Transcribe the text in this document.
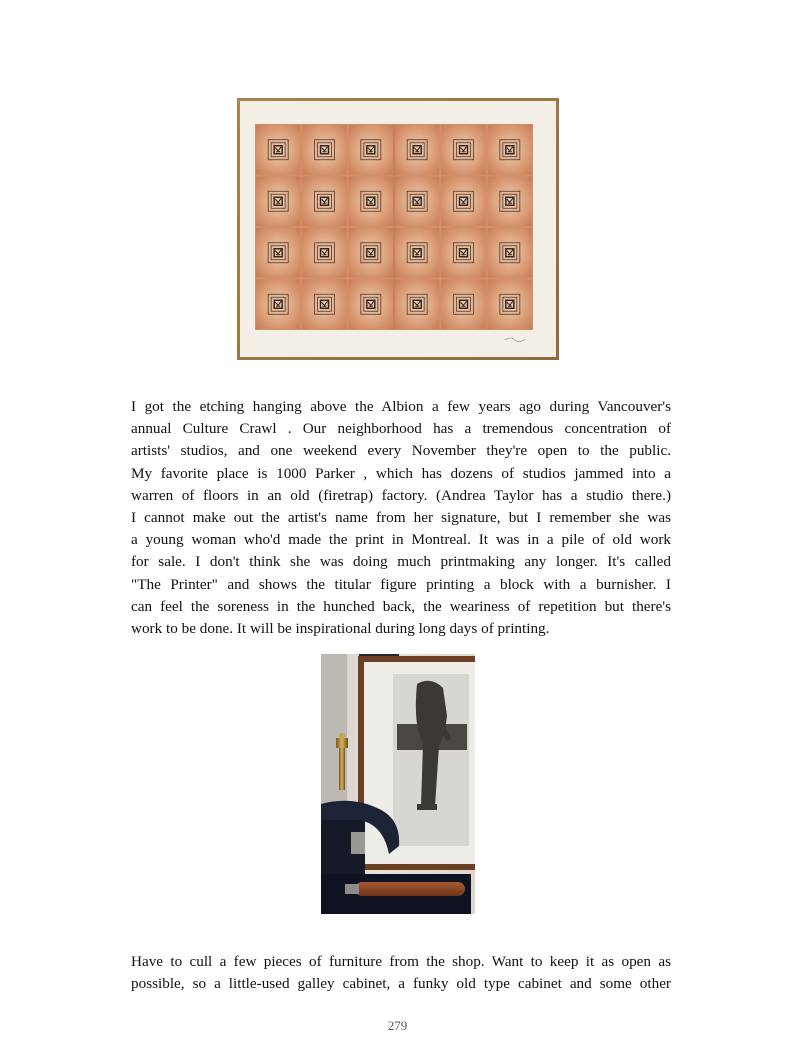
I got the etching hanging above the Albion a few years ago during Vancouver's
annual Culture Crawl . Our neighborhood has a tremendous concentration of
artists' studios, and one weekend every November they're open to the public.
My favorite place is 1000 Parker , which has dozens of studios jammed into a
warren of floors in an old (firetrap) factory. (Andrea Taylor has a studio there.)
I cannot make out the artist's name from her signature, but I remember she was
a young woman who'd made the print in Montreal. It was in a pile of old work
for sale. I don't think she was doing much printmaking any longer. It's called
"The Printer" and shows the titular figure printing a block with a burnisher. I
can feel the soreness in the hunched back, the weariness of repetition but there's
work to be done. It will be inspirational during long days of printing.

Have to cull a few pieces of furniture from the shop. Want to keep it as open as
possible, so a little-used galley cabinet, a funky old type cabinet and some other

279
